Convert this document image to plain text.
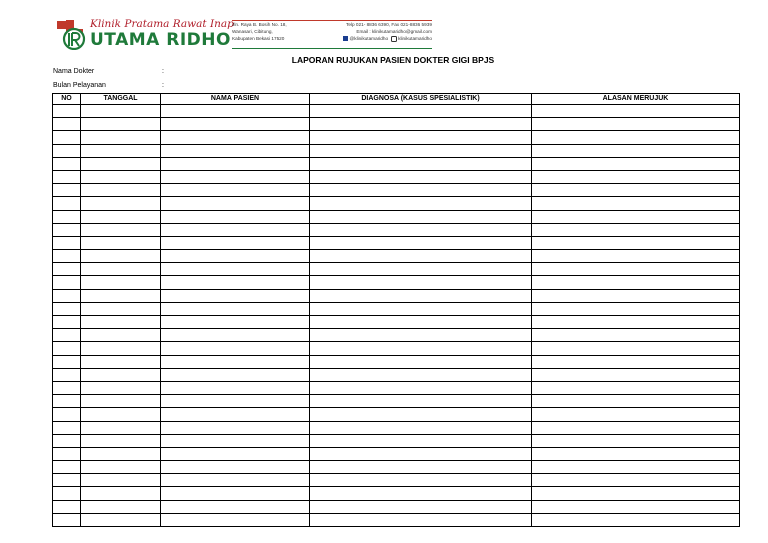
Klinik Pratama Rawat Inap
UTAMA RIDHO
Jln. Raya B. Bosih No. 18,
Wanasari, Cibitung,
Kabupaten Bekasi 17520
Telp 021- 8836 6390, Fax 021-8836 5939
Email : klinikutamaridho@gmail.com
@klinikutamaridho klinikutamaridho
LAPORAN RUJUKAN PASIEN DOKTER GIGI BPJS
Nama Dokter	:
Bulan Pelayanan	:
NO	TANGGAL	NAMA PASIEN	DIAGNOSA (KASUS SPESIALISTIK)	ALASAN MERUJUK
